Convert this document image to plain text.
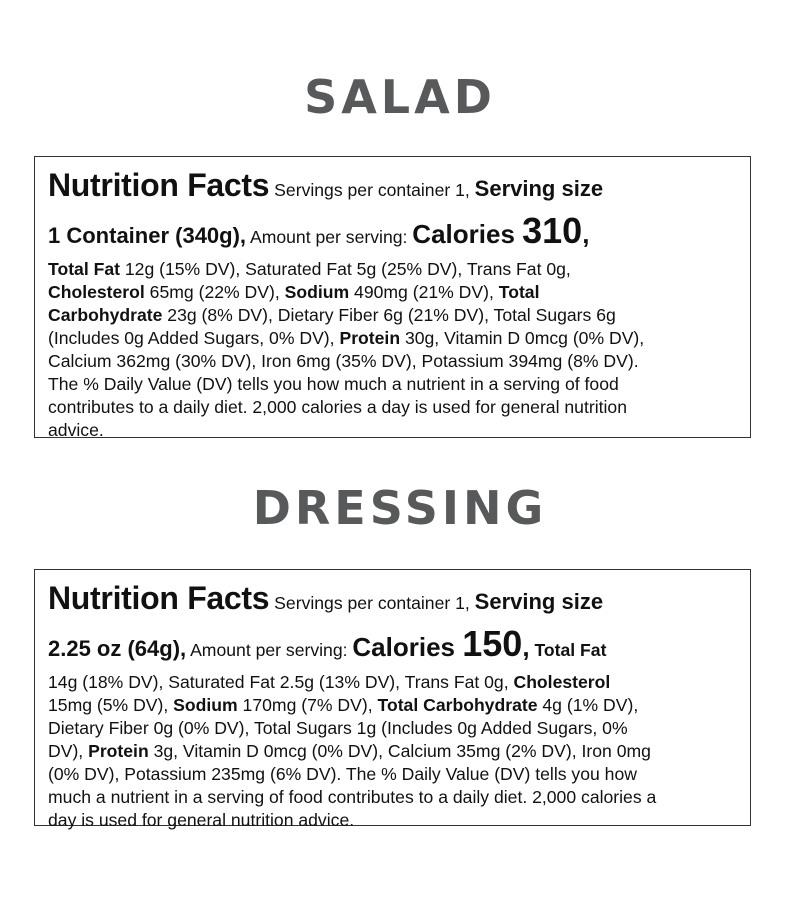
SALAD
Nutrition Facts Servings per container 1, Serving size
1 Container (340g), Amount per serving: Calories 310,
Total Fat 12g (15% DV), Saturated Fat 5g (25% DV), Trans Fat 0g,
Cholesterol 65mg (22% DV), Sodium 490mg (21% DV), Total
Carbohydrate 23g (8% DV), Dietary Fiber 6g (21% DV), Total Sugars 6g
(Includes 0g Added Sugars, 0% DV), Protein 30g, Vitamin D 0mcg (0% DV),
Calcium 362mg (30% DV), Iron 6mg (35% DV), Potassium 394mg (8% DV).
The % Daily Value (DV) tells you how much a nutrient in a serving of food
contributes to a daily diet. 2,000 calories a day is used for general nutrition
advice.
DRESSING
Nutrition Facts Servings per container 1, Serving size
2.25 oz (64g), Amount per serving: Calories 150, Total Fat
14g (18% DV), Saturated Fat 2.5g (13% DV), Trans Fat 0g, Cholesterol
15mg (5% DV), Sodium 170mg (7% DV), Total Carbohydrate 4g (1% DV),
Dietary Fiber 0g (0% DV), Total Sugars 1g (Includes 0g Added Sugars, 0%
DV), Protein 3g, Vitamin D 0mcg (0% DV), Calcium 35mg (2% DV), Iron 0mg
(0% DV), Potassium 235mg (6% DV). The % Daily Value (DV) tells you how
much a nutrient in a serving of food contributes to a daily diet. 2,000 calories a
day is used for general nutrition advice.
